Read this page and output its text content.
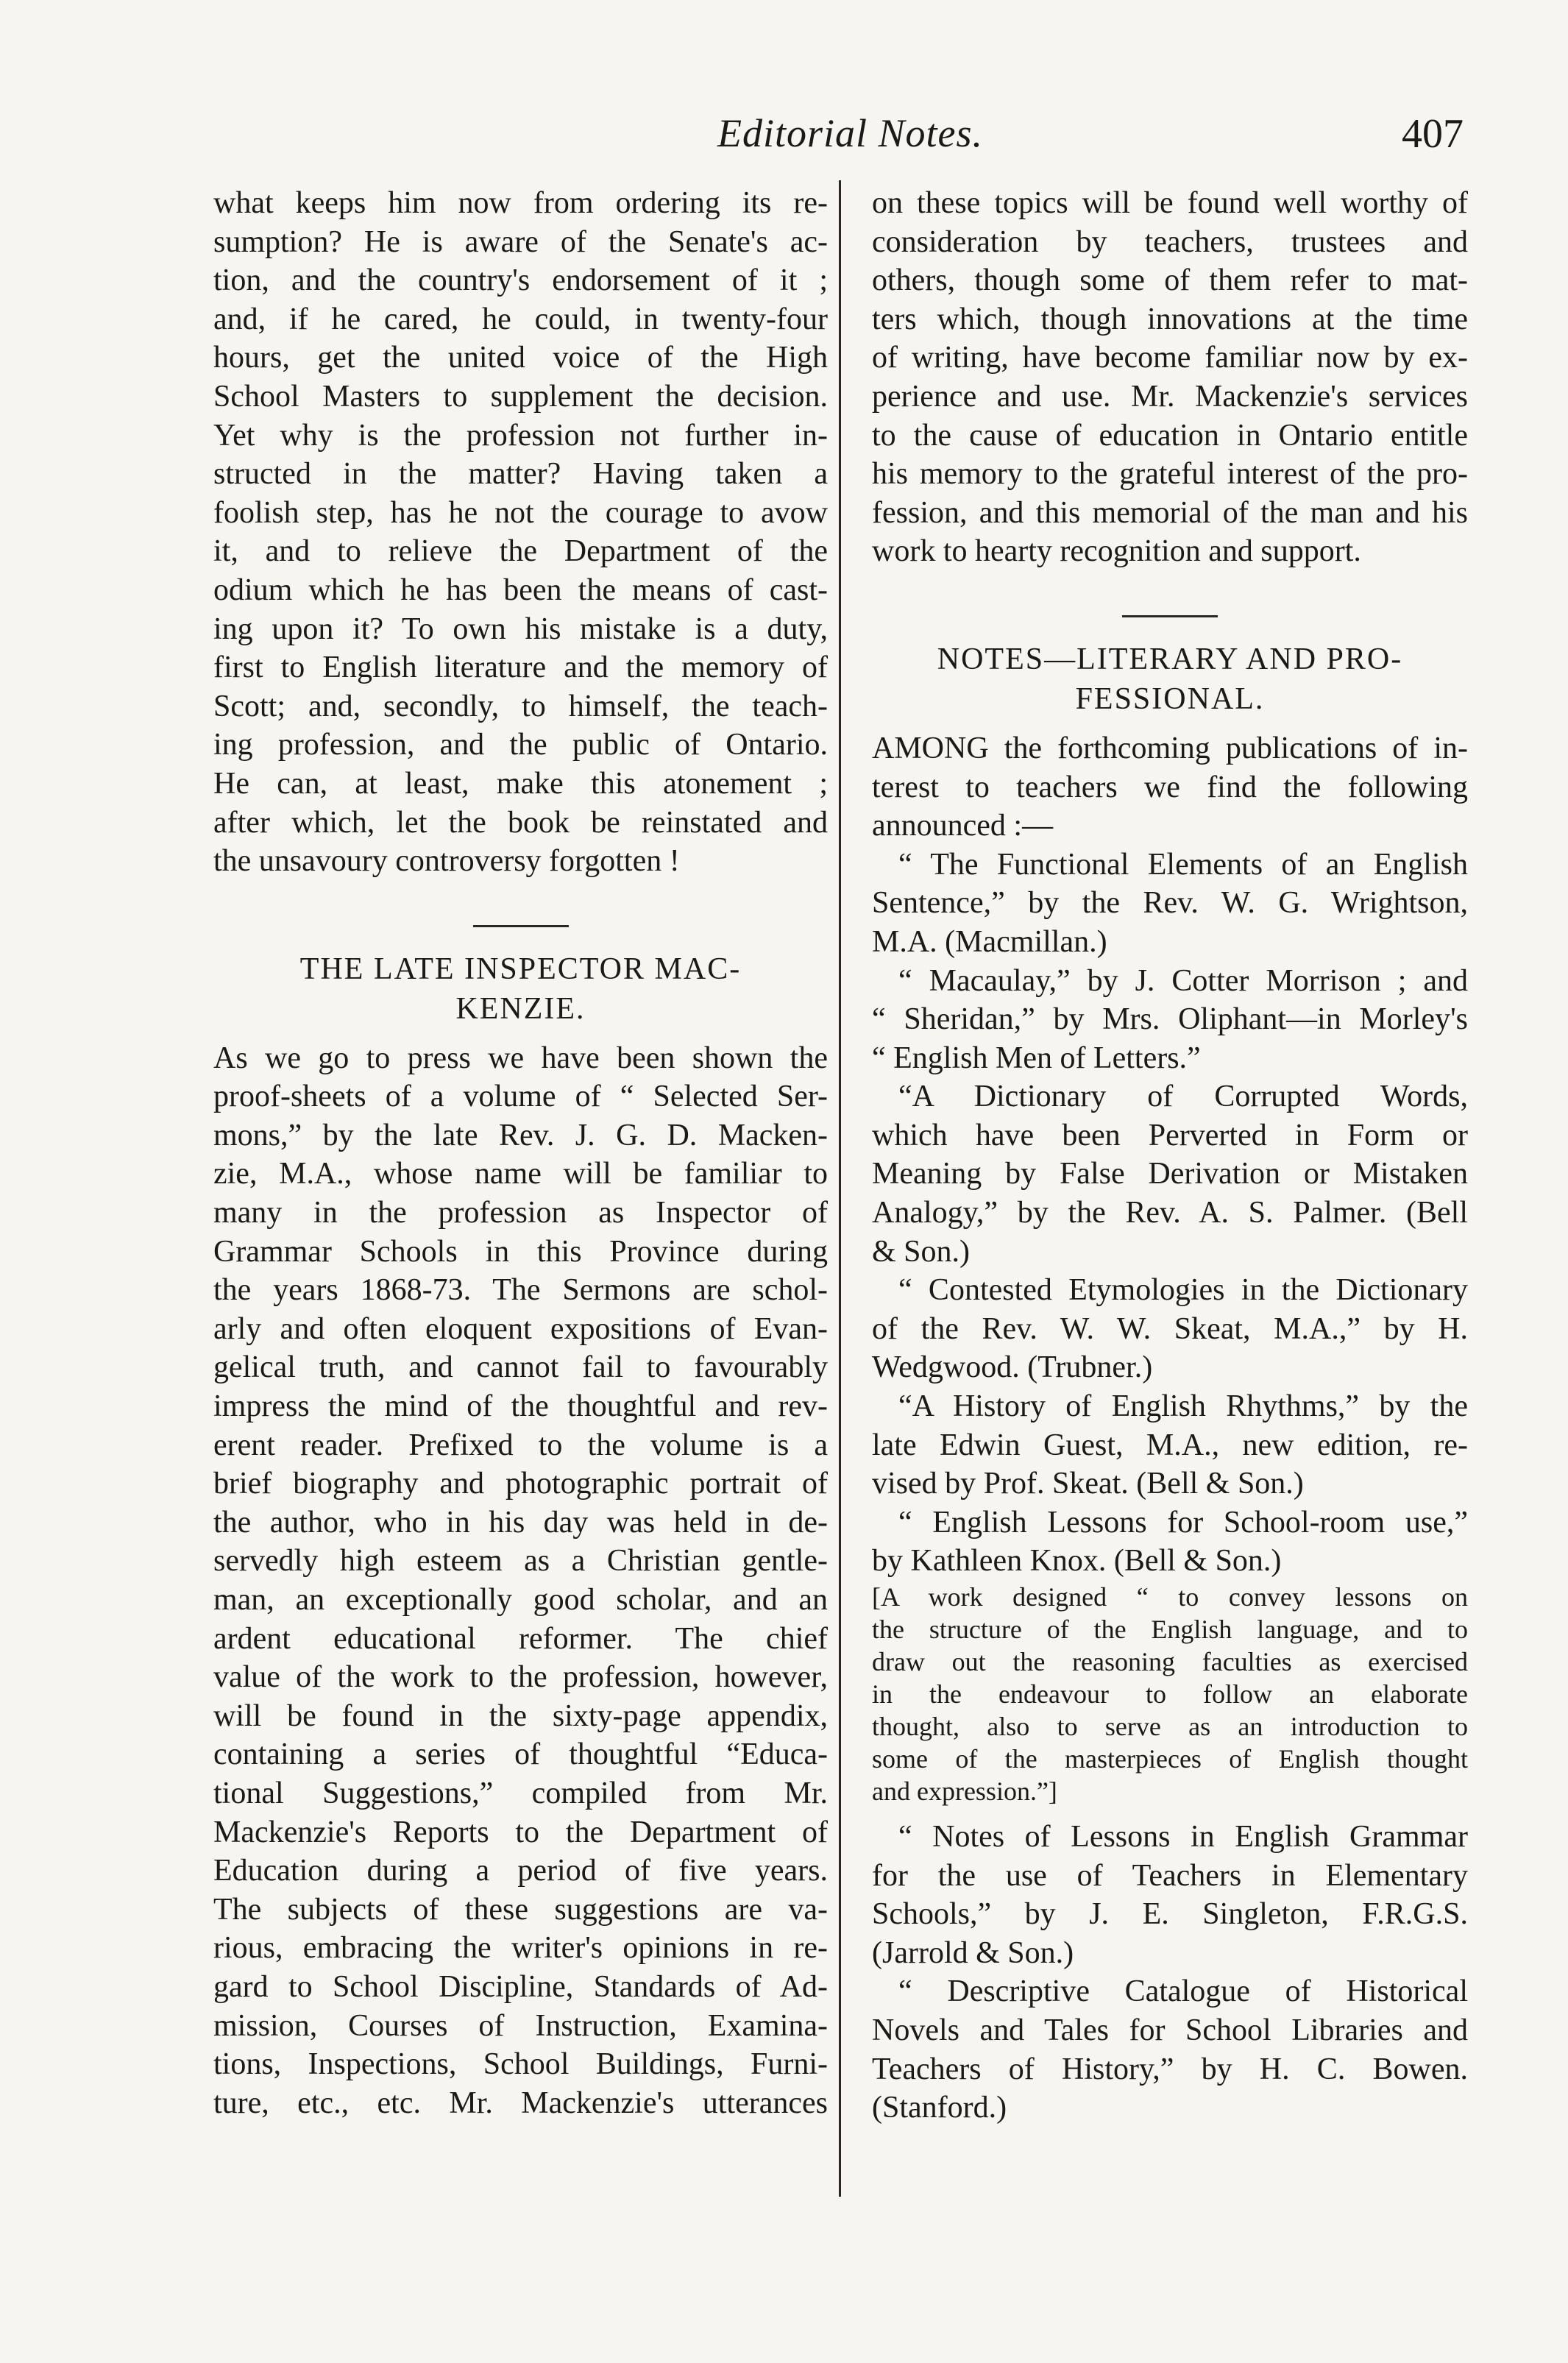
Editorial Notes.	407
what keeps him now from ordering its re-
sumption? He is aware of the Senate's ac-
tion, and the country's endorsement of it ;
and, if he cared, he could, in twenty-four
hours, get the united voice of the High
School Masters to supplement the decision.
Yet why is the profession not further in-
structed in the matter? Having taken a
foolish step, has he not the courage to avow
it, and to relieve the Department of the
odium which he has been the means of cast-
ing upon it? To own his mistake is a duty,
first to English literature and the memory of
Scott; and, secondly, to himself, the teach-
ing profession, and the public of Ontario.
He can, at least, make this atonement ;
after which, let the book be reinstated and
the unsavoury controversy forgotten !
THE LATE INSPECTOR MAC-
KENZIE.
As we go to press we have been shown the
proof-sheets of a volume of “ Selected Ser-
mons,” by the late Rev. J. G. D. Macken-
zie, M.A., whose name will be familiar to
many in the profession as Inspector of
Grammar Schools in this Province during
the years 1868-73. The Sermons are schol-
arly and often eloquent expositions of Evan-
gelical truth, and cannot fail to favourably
impress the mind of the thoughtful and rev-
erent reader. Prefixed to the volume is a
brief biography and photographic portrait of
the author, who in his day was held in de-
servedly high esteem as a Christian gentle-
man, an exceptionally good scholar, and an
ardent educational reformer. The chief
value of the work to the profession, however,
will be found in the sixty-page appendix,
containing a series of thoughtful “Educa-
tional Suggestions,” compiled from Mr.
Mackenzie's Reports to the Department of
Education during a period of five years.
The subjects of these suggestions are va-
rious, embracing the writer's opinions in re-
gard to School Discipline, Standards of Ad-
mission, Courses of Instruction, Examina-
tions, Inspections, School Buildings, Furni-
ture, etc., etc. Mr. Mackenzie's utterances
on these topics will be found well worthy of
consideration by teachers, trustees and
others, though some of them refer to mat-
ters which, though innovations at the time
of writing, have become familiar now by ex-
perience and use. Mr. Mackenzie's services
to the cause of education in Ontario entitle
his memory to the grateful interest of the pro-
fession, and this memorial of the man and his
work to hearty recognition and support.
NOTES—LITERARY AND PRO-
FESSIONAL.
AMONG the forthcoming publications of in-
terest to teachers we find the following
announced :—
“ The Functional Elements of an English
Sentence,” by the Rev. W. G. Wrightson,
M.A. (Macmillan.)
“ Macaulay,” by J. Cotter Morrison ; and
“ Sheridan,” by Mrs. Oliphant—in Morley's
“ English Men of Letters.”
“A Dictionary of Corrupted Words,
which have been Perverted in Form or
Meaning by False Derivation or Mistaken
Analogy,” by the Rev. A. S. Palmer. (Bell
& Son.)
“ Contested Etymologies in the Dictionary
of the Rev. W. W. Skeat, M.A.,” by H.
Wedgwood. (Trubner.)
“A History of English Rhythms,” by the
late Edwin Guest, M.A., new edition, re-
vised by Prof. Skeat. (Bell & Son.)
“ English Lessons for School-room use,”
by Kathleen Knox. (Bell & Son.)
[A work designed “ to convey lessons on
the structure of the English language, and to
draw out the reasoning faculties as exercised
in the endeavour to follow an elaborate
thought, also to serve as an introduction to
some of the masterpieces of English thought
and expression.”]
“ Notes of Lessons in English Grammar
for the use of Teachers in Elementary
Schools,” by J. E. Singleton, F.R.G.S.
(Jarrold & Son.)
“ Descriptive Catalogue of Historical
Novels and Tales for School Libraries and
Teachers of History,” by H. C. Bowen.
(Stanford.)
